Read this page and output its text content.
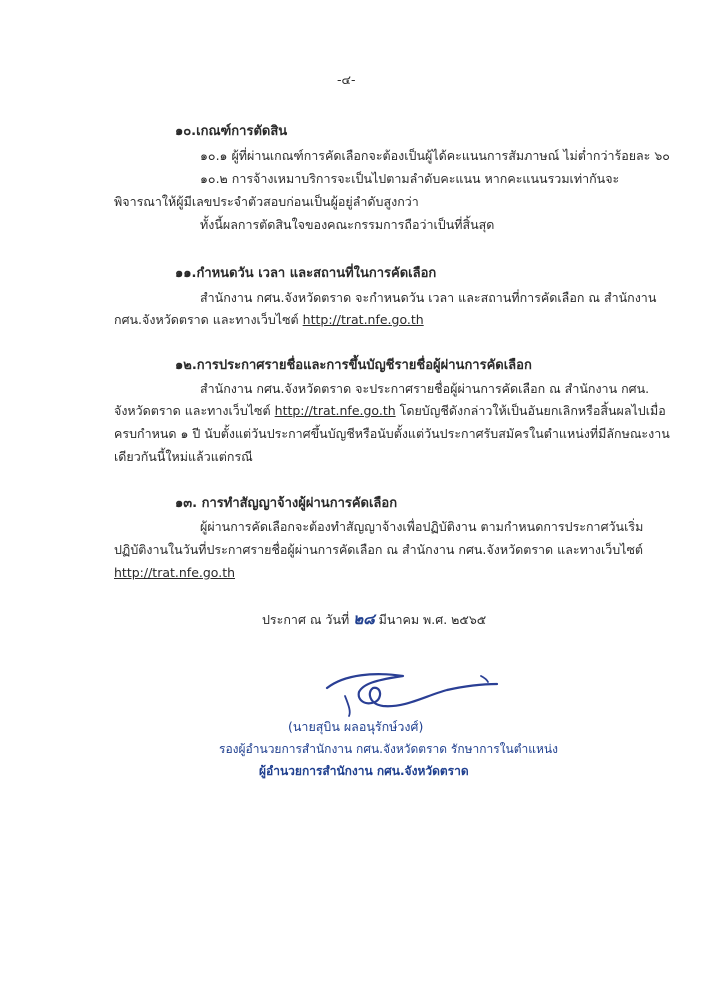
-๔-
๑๐.เกณฑ์การตัดสิน
๑๐.๑ ผู้ที่ผ่านเกณฑ์การคัดเลือกจะต้องเป็นผู้ได้คะแนนการสัมภาษณ์ ไม่ต่ำกว่าร้อยละ ๖๐
๑๐.๒ การจ้างเหมาบริการจะเป็นไปตามลำดับคะแนน หากคะแนนรวมเท่ากันจะ
พิจารณาให้ผู้มีเลขประจำตัวสอบก่อนเป็นผู้อยู่ลำดับสูงกว่า
ทั้งนี้ผลการตัดสินใจของคณะกรรมการถือว่าเป็นที่สิ้นสุด
๑๑.กำหนดวัน เวลา และสถานที่ในการคัดเลือก
สำนักงาน กศน.จังหวัดตราด จะกำหนดวัน เวลา และสถานที่การคัดเลือก ณ สำนักงาน
กศน.จังหวัดตราด และทางเว็บไซต์ http://trat.nfe.go.th
๑๒.การประกาศรายชื่อและการขึ้นบัญชีรายชื่อผู้ผ่านการคัดเลือก
สำนักงาน กศน.จังหวัดตราด จะประกาศรายชื่อผู้ผ่านการคัดเลือก ณ สำนักงาน กศน.
จังหวัดตราด และทางเว็บไซต์ http://trat.nfe.go.th โดยบัญชีดังกล่าวให้เป็นอันยกเลิกหรือสิ้นผลไปเมื่อ
ครบกำหนด ๑ ปี นับตั้งแต่วันประกาศขึ้นบัญชีหรือนับตั้งแต่วันประกาศรับสมัครในตำแหน่งที่มีลักษณะงาน
เดียวกันนี้ใหม่แล้วแต่กรณี
๑๓. การทำสัญญาจ้างผู้ผ่านการคัดเลือก
ผู้ผ่านการคัดเลือกจะต้องทำสัญญาจ้างเพื่อปฏิบัติงาน ตามกำหนดการประกาศวันเริ่ม
ปฏิบัติงานในวันที่ประกาศรายชื่อผู้ผ่านการคัดเลือก ณ สำนักงาน กศน.จังหวัดตราด และทางเว็บไซต์
http://trat.nfe.go.th
ประกาศ ณ วันที่ ๒๘ มีนาคม พ.ศ. ๒๕๖๕
(นายสุบิน ผลอนุรักษ์วงศ์)
รองผู้อำนวยการสำนักงาน กศน.จังหวัดตราด รักษาการในตำแหน่ง
ผู้อำนวยการสำนักงาน กศน.จังหวัดตราด
